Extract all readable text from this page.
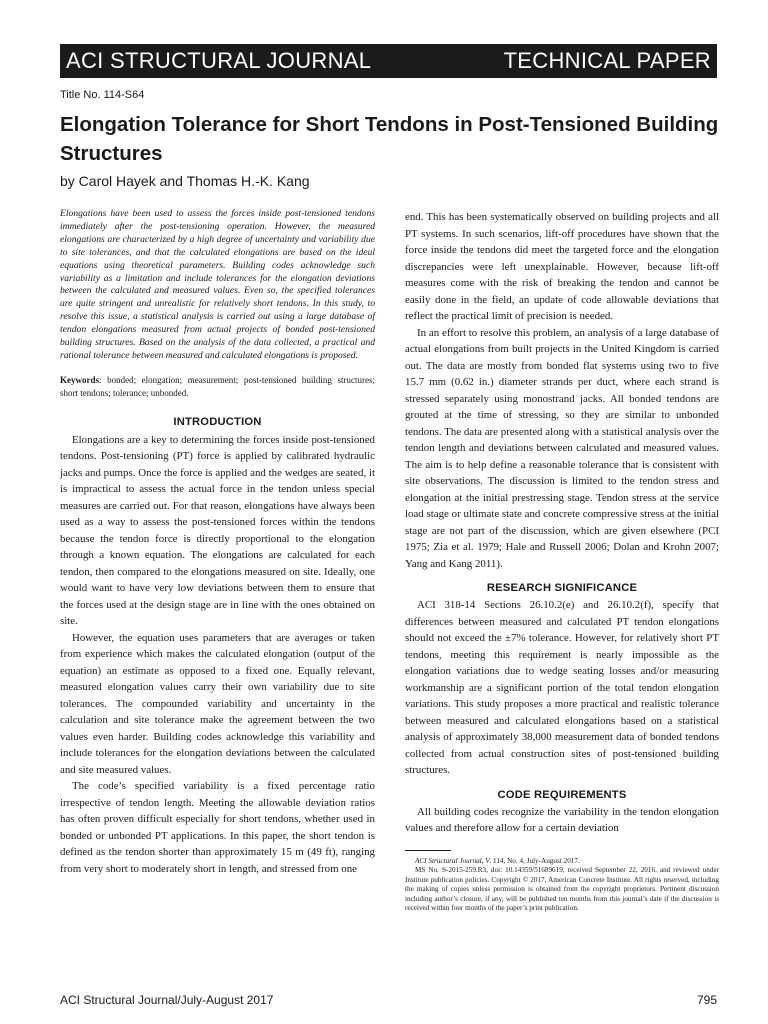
ACI STRUCTURAL JOURNAL	TECHNICAL PAPER
Title No. 114-S64
Elongation Tolerance for Short Tendons in Post-Tensioned Building Structures
by Carol Hayek and Thomas H.-K. Kang

Elongations have been used to assess the forces inside post-tensioned tendons immediately after the post-tensioning operation. However, the measured elongations are characterized by a high degree of uncertainty and variability due to site tolerances, and that the calculated elongations are based on the ideal equations using theoretical parameters. Building codes acknowledge such variability as a limitation and include tolerances for the elongation deviations between the calculated and measured values. Even so, the specified tolerances are quite stringent and unrealistic for relatively short tendons. In this study, to resolve this issue, a statistical analysis is carried out using a large database of tendon elongations measured from actual projects of bonded post-tensioned building structures. Based on the analysis of the data collected, a practical and rational tolerance between measured and calculated elongations is proposed.

Keywords: bonded; elongation; measurement; post-tensioned building structures; short tendons; tolerance; unbonded.

INTRODUCTION

Elongations are a key to determining the forces inside post-tensioned tendons. Post-tensioning (PT) force is applied by calibrated hydraulic jacks and pumps. Once the force is applied and the wedges are seated, it is impractical to assess the actual force in the tendon unless special measures are carried out. For that reason, elongations have always been used as a way to assess the post-tensioned forces within the tendons because the tendon force is directly proportional to the elongation through a known equation. The elongations are calculated for each tendon, then compared to the elongations measured on site. Ideally, one would want to have very low deviations between them to ensure that the forces used at the design stage are in line with the ones obtained on site.

However, the equation uses parameters that are averages or taken from experience which makes the calculated elongation (output of the equation) an estimate as opposed to a fixed one. Equally relevant, measured elongation values carry their own variability due to site tolerances. The compounded variability and uncertainty in the calculation and site tolerance make the agreement between the two values even harder. Building codes acknowledge this variability and include tolerances for the elongation deviations between the calculated and site measured values.

The code’s specified variability is a fixed percentage ratio irrespective of tendon length. Meeting the allowable deviation ratios has often proven difficult especially for short tendons, whether used in bonded or unbonded PT applications. In this paper, the short tendon is defined as the tendon shorter than approximately 15 m (49 ft), ranging from very short to moderately short in length, and stressed from one

end. This has been systematically observed on building projects and all PT systems. In such scenarios, lift-off procedures have shown that the force inside the tendons did meet the targeted force and the elongation discrepancies were left unexplainable. However, because lift-off measures come with the risk of breaking the tendon and cannot be easily done in the field, an update of code allowable deviations that reflect the practical limit of precision is needed.

In an effort to resolve this problem, an analysis of a large database of actual elongations from built projects in the United Kingdom is carried out. The data are mostly from bonded flat systems using two to five 15.7 mm (0.62 in.) diameter strands per duct, where each strand is stressed separately using monostrand jacks. All bonded tendons are grouted at the time of stressing, so they are similar to unbonded tendons. The data are presented along with a statistical analysis over the tendon length and deviations between calculated and measured values. The aim is to help define a reasonable tolerance that is consistent with site observations. The discussion is limited to the tendon stress and elongation at the initial prestressing stage. Tendon stress at the service load stage or ultimate state and concrete compressive stress at the initial stage are not part of the discussion, which are given elsewhere (PCI 1975; Zia et al. 1979; Hale and Russell 2006; Dolan and Krohn 2007; Yang and Kang 2011).

RESEARCH SIGNIFICANCE

ACI 318-14 Sections 26.10.2(e) and 26.10.2(f), specify that differences between measured and calculated PT tendon elongations should not exceed the ±7% tolerance. However, for relatively short PT tendons, meeting this requirement is nearly impossible as the elongation variations due to wedge seating losses and/or measuring workmanship are a significant portion of the total tendon elongation variations. This study proposes a more practical and realistic tolerance between measured and calculated elongations based on a statistical analysis of approximately 38,000 measurement data of bonded tendons collected from actual construction sites of post-tensioned building structures.

CODE REQUIREMENTS

All building codes recognize the variability in the tendon elongation values and therefore allow for a certain deviation

ACI Structural Journal, V. 114, No. 4, July-August 2017.

MS No. S-2015-259.R3, doi: 10.14359/51689619, received September 22, 2016, and reviewed under Institute publication policies. Copyright © 2017, American Concrete Institute. All rights reserved, including the making of copies unless permission is obtained from the copyright proprietors. Pertinent discussion including author’s closure, if any, will be published ten months from this journal’s date if the discussion is received within four months of the paper’s print publication.

ACI Structural Journal/July-August 2017	795
